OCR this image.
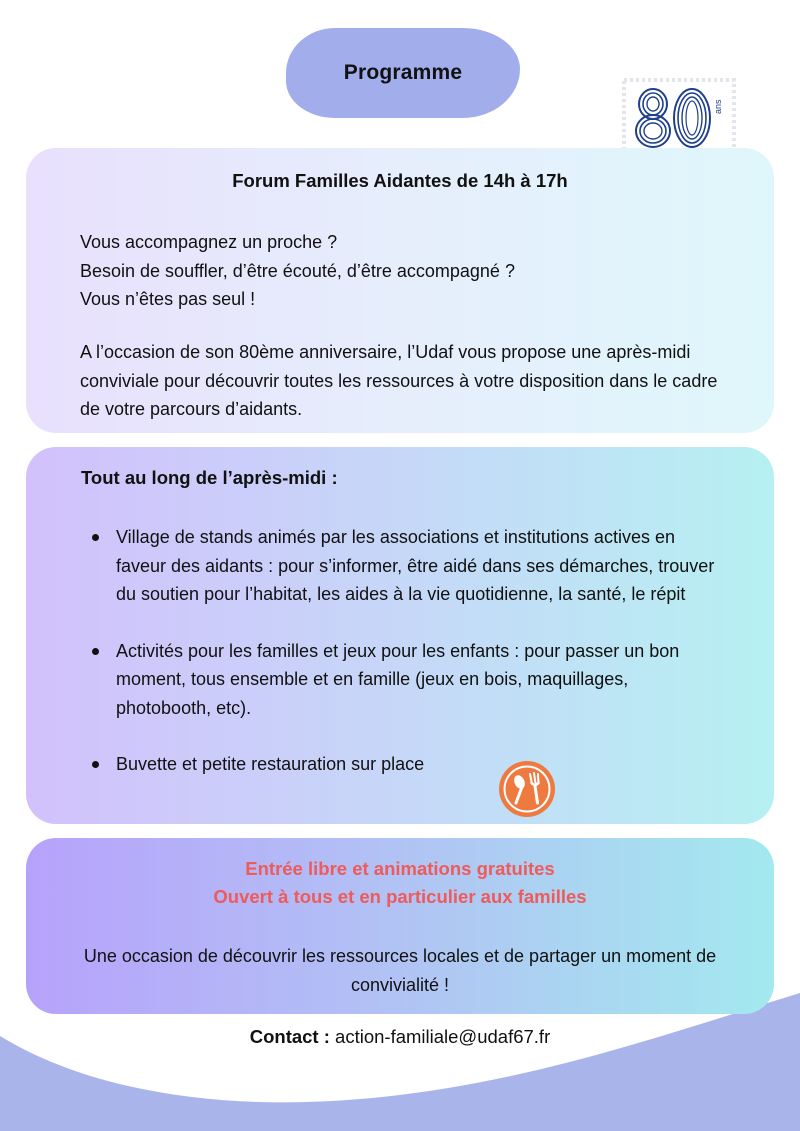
Programme
ans
Forum Familles Aidantes de 14h à 17h

Vous accompagnez un proche ?
Besoin de souffler, d’être écouté, d’être accompagné ?
Vous n’êtes pas seul !

A l’occasion de son 80ème anniversaire, l’Udaf vous propose une après-midi conviviale pour découvrir toutes les ressources à votre disposition dans le cadre de votre parcours d’aidants.

Tout au long de l’après-midi :
Village de stands animés par les associations et institutions actives en faveur des aidants : pour s’informer, être aidé dans ses démarches, trouver du soutien pour l’habitat, les aides à la vie quotidienne, la santé, le répit
Activités pour les familles et jeux pour les enfants : pour passer un bon moment, tous ensemble et en famille (jeux en bois, maquillages, photobooth, etc).
Buvette et petite restauration sur place
Entrée libre et animations gratuites
Ouvert à tous et en particulier aux familles

Une occasion de découvrir les ressources locales et de partager un moment de convivialité !

Contact : action-familiale@udaf67.fr
